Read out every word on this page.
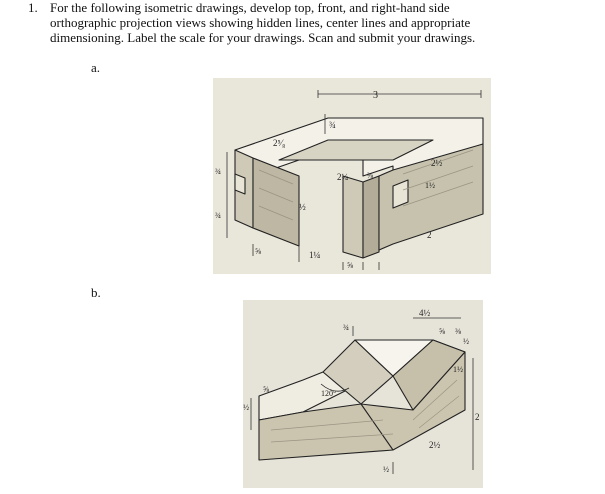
1. For the following isometric drawings, develop top, front, and right-hand side
orthographic projection views showing hidden lines, center lines and appropriate
dimensioning. Label the scale for your drawings. Scan and submit your drawings.
a.
b.
3
2⁵⁄₈
¾
2¼ ⅜
2½
½
¾
¾
1½
2
1¼
⅝
⅝
¾
4½
⅝ ⅜
½
120°
⅝
½
1½
2
2½
½
